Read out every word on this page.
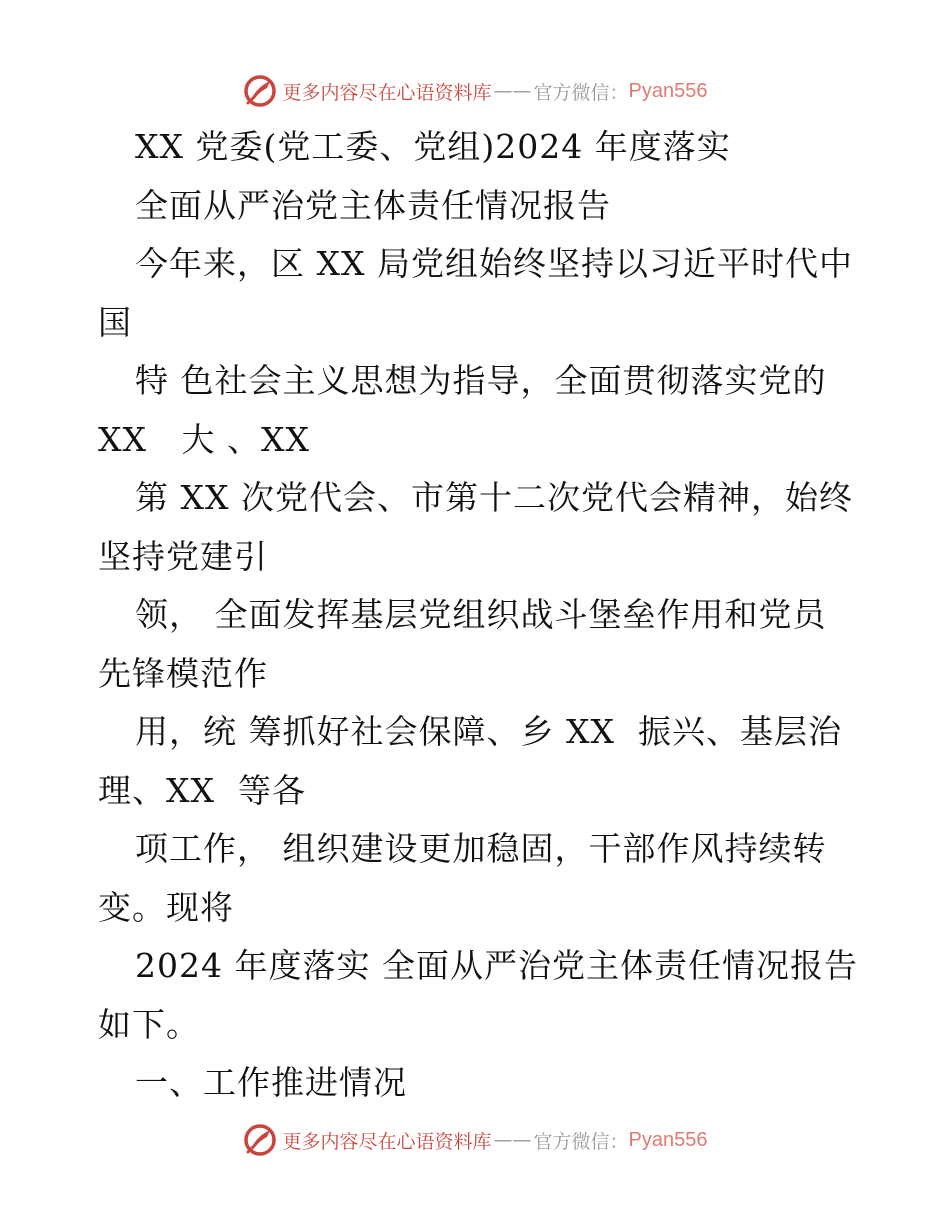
更多内容尽在心语资料库 —— 官方微信： Pyan556
XX 党委(党工委、党组)2024 年度落实
全面从严治党主体责任情况报告
今年来，区 XX 局党组始终坚持以习近平时代中
国
特 色社会主义思想为指导，全面贯彻落实党的
XX   大 、XX
第 XX 次党代会、市第十二次党代会精神，始终
坚持党建引
领， 全面发挥基层党组织战斗堡垒作用和党员
先锋模范作
用，统 筹抓好社会保障、乡 XX  振兴、基层治
理、XX  等各
项工作， 组织建设更加稳固，干部作风持续转
变。现将
2024 年度落实 全面从严治党主体责任情况报告
如下。
一、工作推进情况
更多内容尽在心语资料库 —— 官方微信： Pyan556
